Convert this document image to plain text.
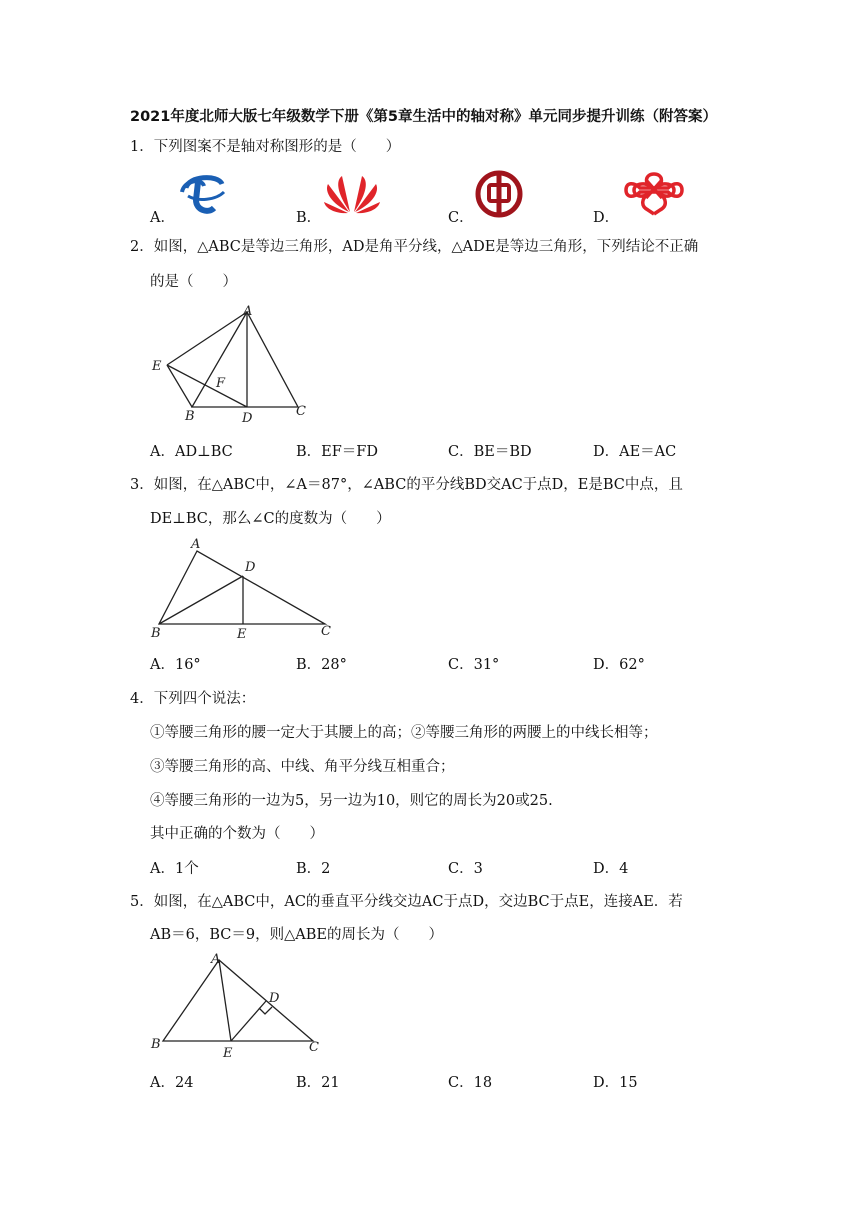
2021年度北师大版七年级数学下册《第5章生活中的轴对称》单元同步提升训练（附答案）
1．下列图案不是轴对称图形的是（　　）
A．	B．	C．	D．
2．如图，△ABC是等边三角形，AD是角平分线，△ADE是等边三角形，下列结论不正确
的是（　　）
A
B	C
D
E
F
A．AD⊥BC	B．EF＝FD	C．BE＝BD	D．AE＝AC
3．如图，在△ABC中，∠A＝87°，∠ABC的平分线BD交AC于点D，E是BC中点，且
DE⊥BC，那么∠C的度数为（　　）
A
B	C
D
E
A．16°	B．28°	C．31°	D．62°
4．下列四个说法：
①等腰三角形的腰一定大于其腰上的高；②等腰三角形的两腰上的中线长相等；
③等腰三角形的高、中线、角平分线互相重合；
④等腰三角形的一边为5，另一边为10，则它的周长为20或25.
其中正确的个数为（　　）
A．1个	B．2	C．3	D．4
5．如图，在△ABC中，AC的垂直平分线交边AC于点D，交边BC于点E，连接AE．若
AB＝6，BC＝9，则△ABE的周长为（　　）
A
B	C
D
E
A．24	B．21	C．18	D．15
